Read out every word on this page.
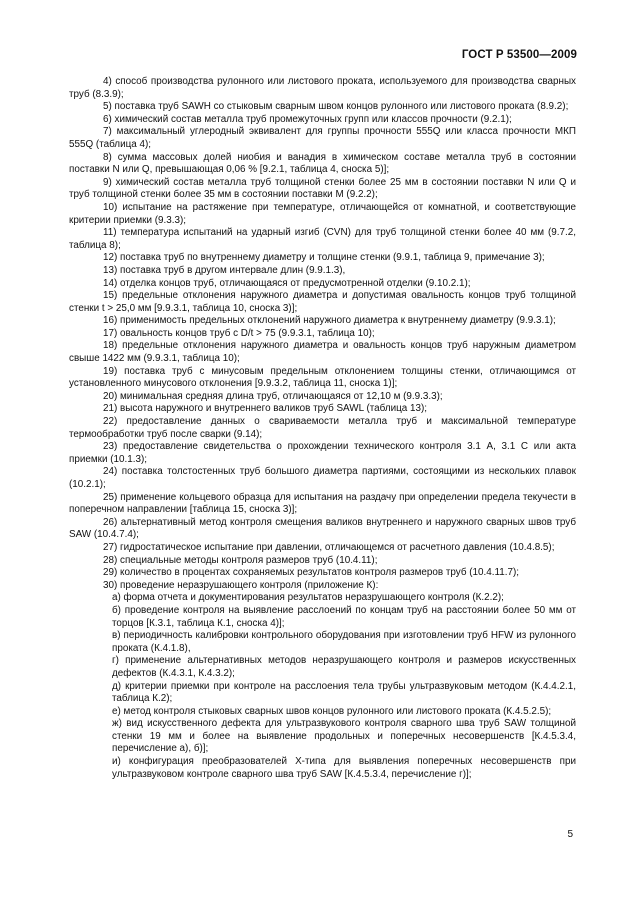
ГОСТ Р 53500—2009

4) способ производства рулонного или листового проката, используемого для производства сварных труб (8.3.9);

5) поставка труб SAWH со стыковым сварным швом концов рулонного или листового проката (8.9.2);

6) химический состав металла труб промежуточных групп или классов прочности (9.2.1);

7) максимальный углеродный эквивалент для группы прочности 555Q или класса прочности МКП 555Q (таблица 4);

8) сумма массовых долей ниобия и ванадия в химическом составе металла труб в состоянии поставки N или Q, превышающая 0,06 % [9.2.1, таблица 4, сноска 5)];

9) химический состав металла труб толщиной стенки более 25 мм в состоянии поставки N или Q и труб толщиной стенки более 35 мм в состоянии поставки M (9.2.2);

10) испытание на растяжение при температуре, отличающейся от комнатной, и соответствующие критерии приемки (9.3.3);

11) температура испытаний на ударный изгиб (CVN) для труб толщиной стенки более 40 мм (9.7.2, таблица 8);

12) поставка труб по внутреннему диаметру и толщине стенки (9.9.1, таблица 9, примечание 3);

13) поставка труб в другом интервале длин (9.9.1.3),

14) отделка концов труб, отличающаяся от предусмотренной отделки (9.10.2.1);

15) предельные отклонения наружного диаметра и допустимая овальность концов труб толщиной стенки t > 25,0 мм [9.9.3.1, таблица 10, сноска 3)];

16) применимость предельных отклонений наружного диаметра к внутреннему диаметру (9.9.3.1);

17) овальность концов труб с D/t > 75 (9.9.3.1, таблица 10);

18) предельные отклонения наружного диаметра и овальность концов труб наружным диаметром свыше 1422 мм (9.9.3.1, таблица 10);

19) поставка труб с минусовым предельным отклонением толщины стенки, отличающимся от установленного минусового отклонения [9.9.3.2, таблица 11, сноска 1)];

20) минимальная средняя длина труб, отличающаяся от 12,10 м (9.9.3.3);

21) высота наружного и внутреннего валиков труб SAWL (таблица 13);

22) предоставление данных о свариваемости металла труб и максимальной температуре термообработки труб после сварки (9.14);

23) предоставление свидетельства о прохождении технического контроля 3.1 А, 3.1 С или акта приемки (10.1.3);

24) поставка толстостенных труб большого диаметра партиями, состоящими из нескольких плавок (10.2.1);

25) применение кольцевого образца для испытания на раздачу при определении предела текучести в поперечном направлении [таблица 15, сноска 3)];

26) альтернативный метод контроля смещения валиков внутреннего и наружного сварных швов труб SAW (10.4.7.4);

27) гидростатическое испытание при давлении, отличающемся от расчетного давления (10.4.8.5);

28) специальные методы контроля размеров труб (10.4.11);

29) количество в процентах сохраняемых результатов контроля размеров труб (10.4.11.7);

30) проведение неразрушающего контроля (приложение К):

а) форма отчета и документирования результатов неразрушающего контроля (К.2.2);

б) проведение контроля на выявление расслоений по концам труб на расстоянии более 50 мм от торцов [К.3.1, таблица К.1, сноска 4)];

в) периодичность калибровки контрольного оборудования при изготовлении труб HFW из рулонного проката (К.4.1.8),

г) применение альтернативных методов неразрушающего контроля и размеров искусственных дефектов (К.4.3.1, К.4.3.2);

д) критерии приемки при контроле на расслоения тела трубы ультразвуковым методом (К.4.4.2.1, таблица К.2);

е) метод контроля стыковых сварных швов концов рулонного или листового проката (К.4.5.2.5);

ж) вид искусственного дефекта для ультразвукового контроля сварного шва труб SAW толщиной стенки 19 мм и более на выявление продольных и поперечных несовершенств [К.4.5.3.4, перечисление а), б)];

и) конфигурация преобразователей X-типа для выявления поперечных несовершенств при ультразвуковом контроле сварного шва труб SAW [К.4.5.3.4, перечисление г)];

5
